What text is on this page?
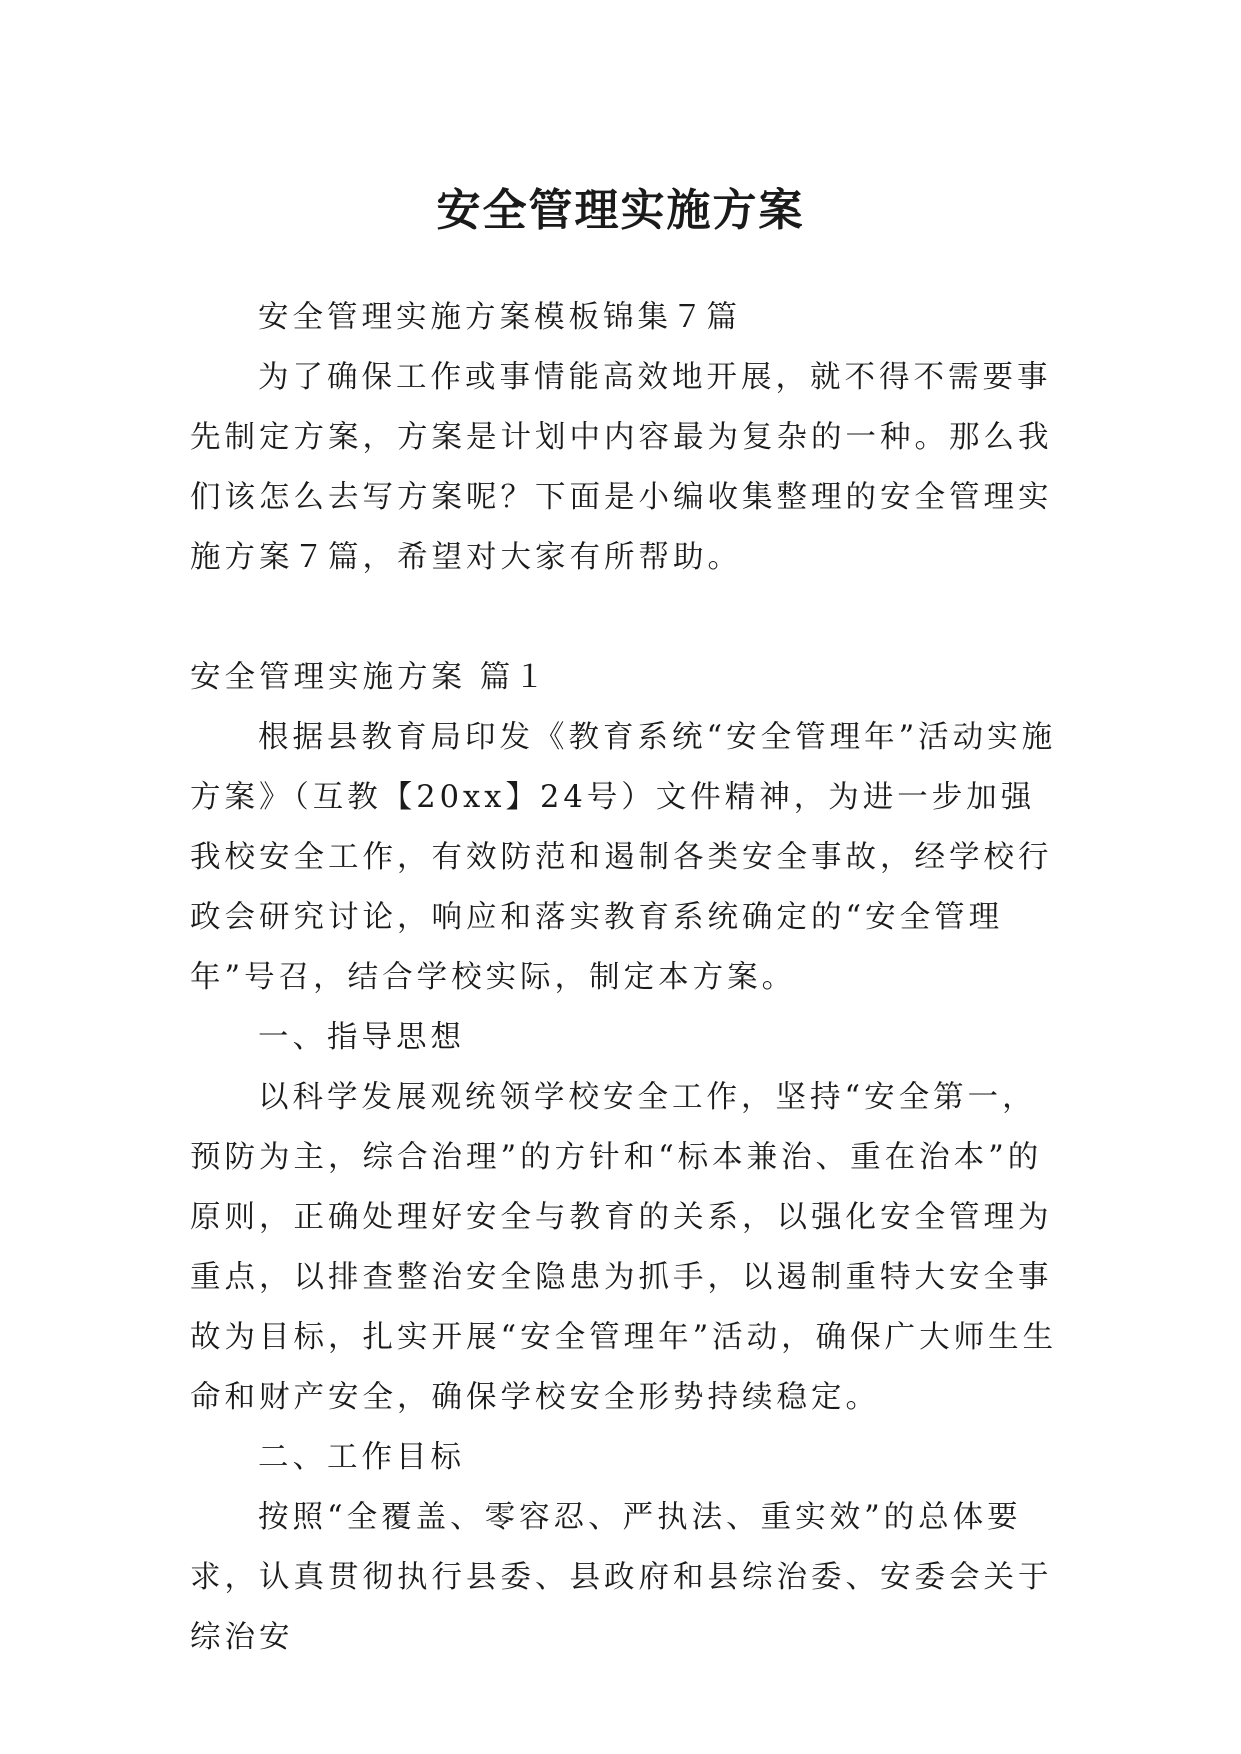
安全管理实施方案

安全管理实施方案模板锦集７篇

为了确保工作或事情能高效地开展，就不得不需要事先制定方案，方案是计划中内容最为复杂的一种。那么我们该怎么去写方案呢？下面是小编收集整理的安全管理实施方案７篇，希望对大家有所帮助。

安全管理实施方案 篇１

根据县教育局印发《教育系统“安全管理年”活动实施方案》（互教【20xx】24号）文件精神，为进一步加强我校安全工作，有效防范和遏制各类安全事故，经学校行政会研究讨论，响应和落实教育系统确定的“安全管理年”号召，结合学校实际，制定本方案。

一、指导思想

以科学发展观统领学校安全工作，坚持“安全第一，预防为主，综合治理”的方针和“标本兼治、重在治本”的原则，正确处理好安全与教育的关系，以强化安全管理为重点，以排查整治安全隐患为抓手，以遏制重特大安全事故为目标，扎实开展“安全管理年”活动，确保广大师生生命和财产安全，确保学校安全形势持续稳定。

二、工作目标

按照“全覆盖、零容忍、严执法、重实效”的总体要求，认真贯彻执行县委、县政府和县综治委、安委会关于综治安
